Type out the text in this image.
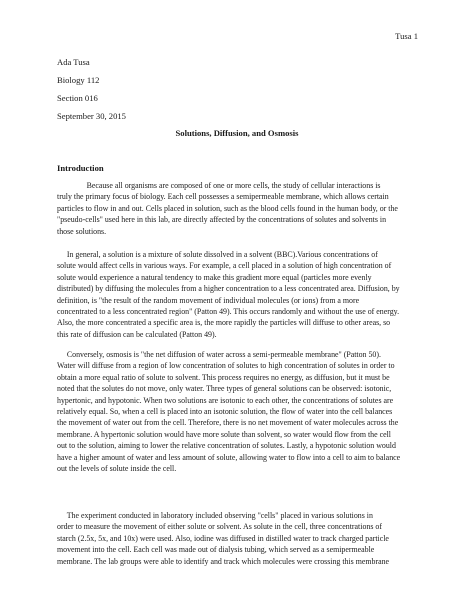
Tusa 1
Ada Tusa
Biology 112
Section 016
September 30, 2015
Solutions, Diffusion, and Osmosis
Introduction
Because all organisms are composed of one or more cells, the study of cellular interactions is
truly the primary focus of biology. Each cell possesses a semipermeable membrane, which allows certain
particles to flow in and out. Cells placed in solution, such as the blood cells found in the human body, or the
"pseudo-cells" used here in this lab, are directly affected by the concentrations of solutes and solvents in
those solutions.
In general, a solution is a mixture of solute dissolved in a solvent (BBC).Various concentrations of
solute would affect cells in various ways. For example, a cell placed in a solution of high concentration of
solute would experience a natural tendency to make this gradient more equal (particles more evenly
distributed) by diffusing the molecules from a higher concentration to a less concentrated area. Diffusion, by
definition, is "the result of the random movement of individual molecules (or ions) from a more
concentrated to a less concentrated region" (Patton 49). This occurs randomly and without the use of energy.
Also, the more concentrated a specific area is, the more rapidly the particles will diffuse to other areas, so
this rate of diffusion can be calculated (Patton 49).
Conversely, osmosis is "the net diffusion of water across a semi-permeable membrane" (Patton 50).
Water will diffuse from a region of low concentration of solutes to high concentration of solutes in order to
obtain a more equal ratio of solute to solvent. This process requires no energy, as diffusion, but it must be
noted that the solutes do not move, only water. Three types of general solutions can be observed: isotonic,
hypertonic, and hypotonic. When two solutions are isotonic to each other, the concentrations of solutes are
relatively equal. So, when a cell is placed into an isotonic solution, the flow of water into the cell balances
the movement of water out from the cell. Therefore, there is no net movement of water molecules across the
membrane. A hypertonic solution would have more solute than solvent, so water would flow from the cell
out to the solution, aiming to lower the relative concentration of solutes. Lastly, a hypotonic solution would
have a higher amount of water and less amount of solute, allowing water to flow into a cell to aim to balance
out the levels of solute inside the cell.
The experiment conducted in laboratory included observing "cells" placed in various solutions in
order to measure the movement of either solute or solvent. As solute in the cell, three concentrations of
starch (2.5x, 5x, and 10x) were used. Also, iodine was diffused in distilled water to track charged particle
movement into the cell. Each cell was made out of dialysis tubing, which served as a semipermeable
membrane. The lab groups were able to identify and track which molecules were crossing this membrane
